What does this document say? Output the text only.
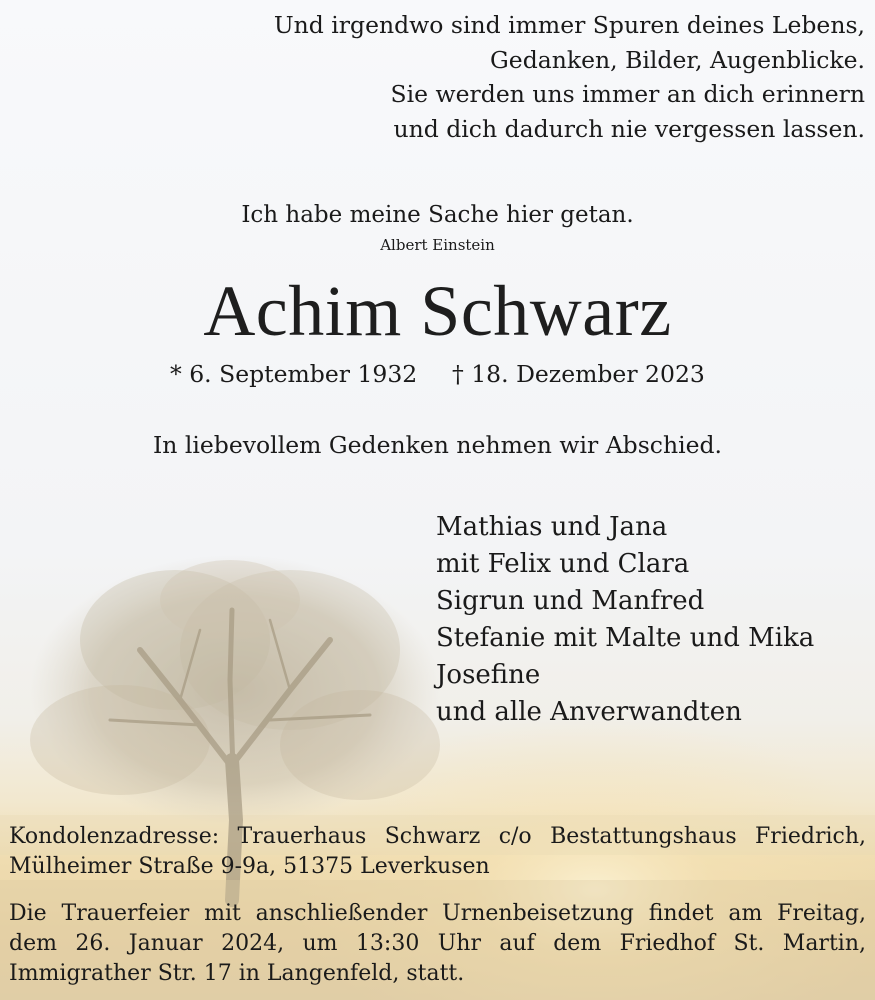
Und irgendwo sind immer Spuren deines Lebens,
Gedanken, Bilder, Augenblicke.
Sie werden uns immer an dich erinnern
und dich dadurch nie vergessen lassen.
Ich habe meine Sache hier getan.
Albert Einstein
Achim Schwarz
* 6. September 1932 † 18. Dezember 2023
In liebevollem Gedenken nehmen wir Abschied.
Mathias und Jana
mit Felix und Clara
Sigrun und Manfred
Stefanie mit Malte und Mika
Josefine
und alle Anverwandten
Kondolenzadresse: Trauerhaus Schwarz c/o Bestattungshaus Friedrich,
Mülheimer Straße 9-9a, 51375 Leverkusen
Die Trauerfeier mit anschließender Urnenbeisetzung findet am Freitag,
dem 26. Januar 2024, um 13:30 Uhr auf dem Friedhof St. Martin,
Immigrather Str. 17 in Langenfeld, statt.
